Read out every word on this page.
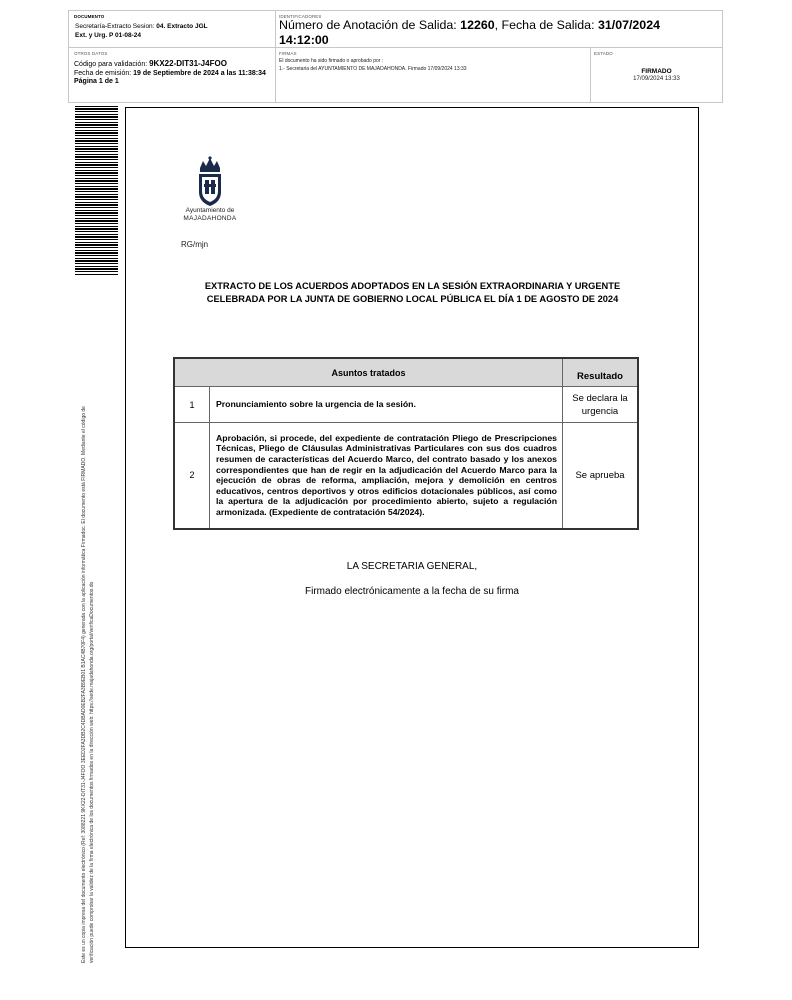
DOCUMENTO
Secretaría-Extracto Sesion: 04. Extracto JGL
Ext. y Urg. P 01-08-24
IDENTIFICADORES
Número de Anotación de Salida: 12260, Fecha de Salida: 31/07/2024
14:12:00
OTROS DATOS
Código para validación: 9KX22-DIT31-J4FOO
Fecha de emisión: 19 de Septiembre de 2024 a las 11:38:34
Página 1 de 1
FIRMAS
El documento ha sido firmado o aprobado por :
1.- Secretaria del AYUNTAMIENTO DE MAJADAHONDA. Firmado 17/09/2024 13:33
ESTADO
FIRMADO
17/09/2024 13:33
Este es un copia impresa del documento electrónico (Ref: 3088221 9KX22-DIT31-J4FOO 3EED2FA3DB2C4DBAD0EB2FA3B9EB01 B1AC4B70F4) generada con la aplicación informática Firmadoc. El documento está FIRMADO. Mediante el código de verificación puede comprobar la validez de la firma electrónica de los documentos firmados en la dirección web: https://sede.majadahonda.org/portal/verificaDocumentos.do
Ayuntamiento de
MAJADAHONDA
RG/mjn
EXTRACTO DE LOS ACUERDOS ADOPTADOS EN LA SESIÓN EXTRAORDINARIA Y URGENTE CELEBRADA POR LA JUNTA DE GOBIERNO LOCAL PÚBLICA EL DÍA 1 DE AGOSTO DE 2024
Asuntos tratados		Resultado
1	Pronunciamiento sobre la urgencia de la sesión.	Se declara la urgencia
2	Aprobación, si procede, del expediente de contratación Pliego de Prescripciones Técnicas, Pliego de Cláusulas Administrativas Particulares con sus dos cuadros resumen de características del Acuerdo Marco, del contrato basado y los anexos correspondientes que han de regir en la adjudicación del Acuerdo Marco para la ejecución de obras de reforma, ampliación, mejora y demolición en centros educativos, centros deportivos y otros edificios dotacionales públicos, así como la apertura de la adjudicación por procedimiento abierto, sujeto a regulación armonizada. (Expediente de contratación 54/2024).	Se aprueba
LA SECRETARIA GENERAL,
Firmado electrónicamente a la fecha de su firma
